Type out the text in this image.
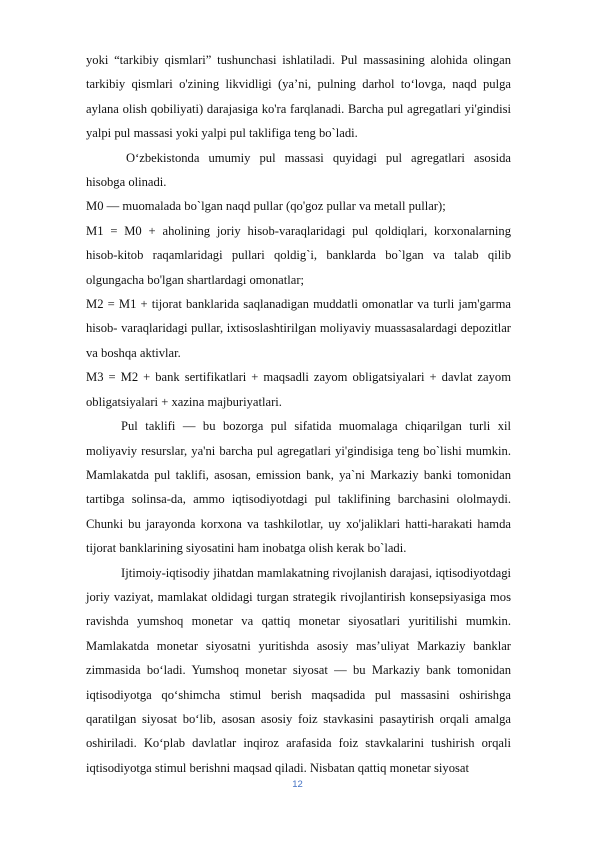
yoki “tarkibiy qismlari” tushunchasi ishlatiladi. Pul massasining alohida olingan tarkibiy qismlari o'zining likvidligi (yaʼni, pulning darhol to‘lovga, naqd pulga aylana olish qobiliyati) darajasiga ko'ra farqlanadi. Barcha pul agregatlari yi'gindisi yalpi pul massasi yoki yalpi pul taklifiga teng bo`ladi.

O‘zbekistonda umumiy pul massasi quyidagi pul agregatlari asosida hisobga olinadi.

M0 — muomalada bo`lgan naqd pullar (qo'goz pullar va metall pullar);

M1 = M0 + aholining joriy hisob-varaqlaridagi pul qoldiqlari, korxonalarning hisob-kitob raqamlaridagi pullari qoldig`i, banklarda bo`lgan va talab qilib olgungacha bo'lgan shartlardagi omonatlar;

M2 = M1 + tijorat banklarida saqlanadigan muddatli omonatlar va turli jam'garma hisob- varaqlaridagi pullar, ixtisoslashtirilgan moliyaviy muassasalardagi depozitlar va boshqa aktivlar.

M3 = M2 + bank sertifikatlari + maqsadli zayom obligatsiyalari + davlat zayom obligatsiyalari + xazina majburiyatlari.

Pul taklifi — bu bozorga pul sifatida muomalaga chiqarilgan turli xil moliyaviy resurslar, ya'ni barcha pul agregatlari yi'gindisiga teng bo`lishi mumkin. Mamlakatda pul taklifi, asosan, emission bank, ya`ni Markaziy banki tomonidan tartibga solinsa-da, ammo iqtisodiyotdagi pul taklifining barchasini ololmaydi. Chunki bu jarayonda korxona va tashkilotlar, uy xo'jaliklari hatti-harakati hamda tijorat banklarining siyosatini ham inobatga olish kerak bo`ladi.

Ijtimoiy-iqtisodiy jihatdan mamlakatning rivojlanish darajasi, iqtisodiyotdagi joriy vaziyat, mamlakat oldidagi turgan strategik rivojlantirish konsepsiyasiga mos ravishda yumshoq monetar va qattiq monetar siyosatlari yuritilishi mumkin. Mamlakatda monetar siyosatni yuritishda asosiy masʼuliyat Markaziy banklar zimmasida bo‘ladi. Yumshoq monetar siyosat — bu Markaziy bank tomonidan iqtisodiyotga qo‘shimcha stimul berish maqsadida pul massasini oshirishga qaratilgan siyosat bo‘lib, asosan asosiy foiz stavkasini pasaytirish orqali amalga oshiriladi. Ko‘plab davlatlar inqiroz arafasida foiz stavkalarini tushirish orqali iqtisodiyotga stimul berishni maqsad qiladi. Nisbatan qattiq monetar siyosat

12
